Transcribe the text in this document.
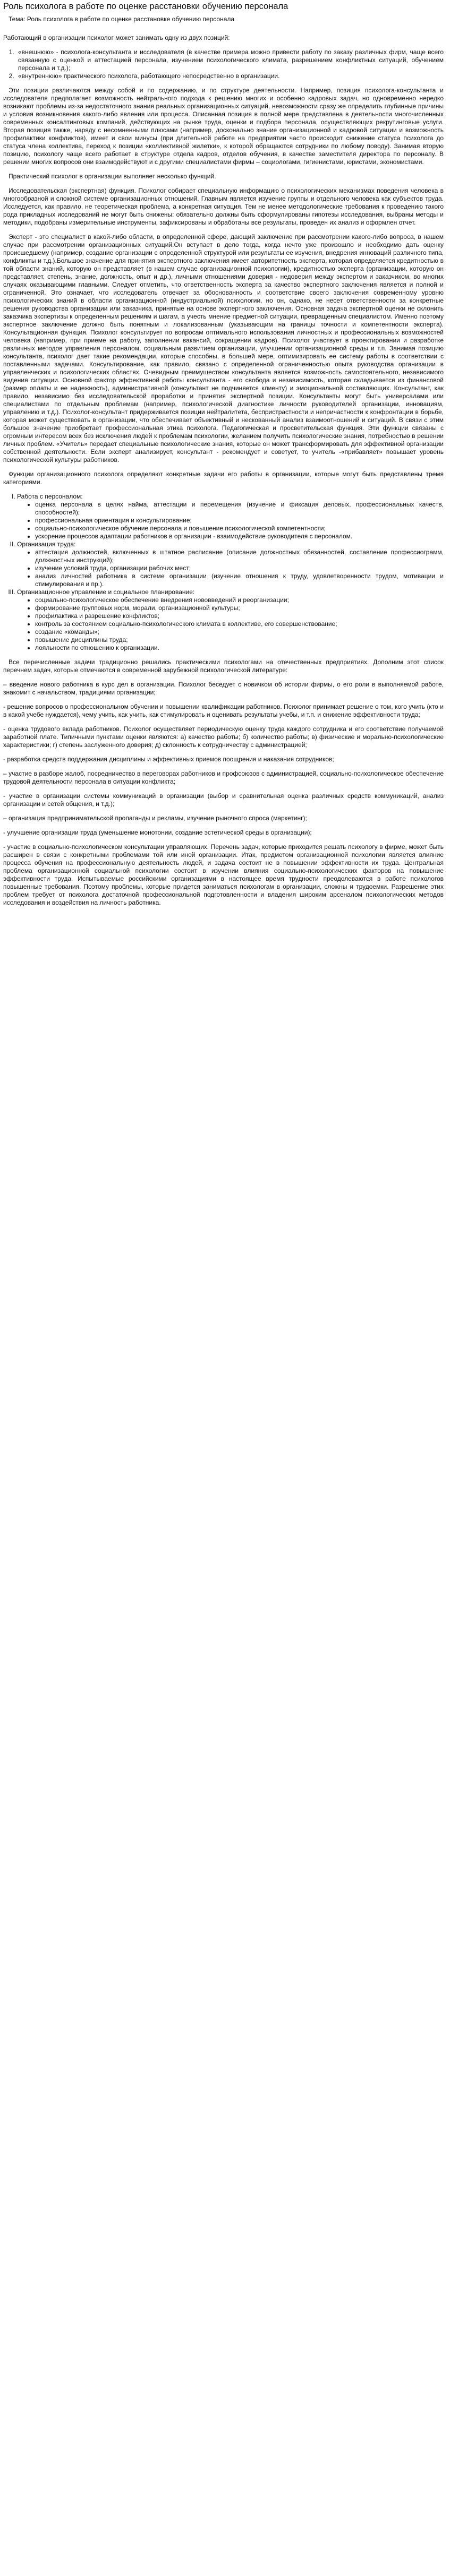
Роль психолога в работе по оценке расстановки обучению персонала
Тема: Роль психолога в работе по оценке расстановке обучению персонала

Работающий в организации психолог может занимать одну из двух позиций:

1. «внешнюю» - психолога-консультанта и исследователя (в качестве примера можно привести работу по заказу различных фирм, чаще всего связанную с оценкой и аттестацией персонала, изучением психологического климата, разрешением конфликтных ситуаций, обучением персонала и т.д.);
2. «внутреннюю» практического психолога, работающего непосредственно в организации.

Эти позиции различаются между собой и по содержанию, и по структуре деятельности. Например, позиция психолога-консультанта и исследователя предполагает возможность нейтрального подхода к решению многих и особенно кадровых задач, но одновременно нередко возникают проблемы из-за недостаточного знания реальных организационных ситуаций, невозможности сразу же определить глубинные причины и условия возникновения какого-либо явления или процесса. Описанная позиция в полной мере представлена в деятельности многочисленных современных консалтинговых компаний, действующих на рынке труда, оценки и подбора персонала, осуществляющих рекрутинговые услуги. Вторая позиция также, наряду с несомненными плюсами (например, досконально знание организационной и кадровой ситуации и возможность профилактики конфликтов), имеет и свои минусы (при длительной работе на предприятии часто происходит снижение статуса психолога до статуса члена коллектива, переход к позиции «коллективной жилетки», к которой обращаются сотрудники по любому поводу). Занимая вторую позицию, психологу чаще всего работает в структуре отдела кадров, отделов обучения, в качестве заместителя директора по персоналу. В решении многих вопросов они взаимодействуют и с другими специалистами фирмы – социологами, гигиенистами, юристами, экономистами.

Практический психолог в организации выполняет несколько функций.

Исследовательская (экспертная) функция. Психолог собирает специальную информацию о психологических механизмах поведения человека в многообразной и сложной системе организационных отношений. Главным является изучение группы и отдельного человека как субъектов труда. Исследуется, как правило, не теоретическая проблема, а конкретная ситуация. Тем не менее методологические требования к проведению такого рода прикладных исследований не могут быть снижены: обязательно должны быть сформулированы гипотезы исследования, выбраны методы и методики, подобраны измерительные инструменты, зафиксированы и обработаны все результаты, проведен их анализ и оформлен отчет.

Эксперт - это специалист в какой-либо области, в определенной сфере, дающий заключение при рассмотрении какого-либо вопроса, в нашем случае при рассмотрении организационных ситуаций.Он вступает в дело тогда, когда нечто уже произошло и необходимо дать оценку происшедшему (например, создание организации с определенной структурой или результаты ее изучения, внедрения инноваций различного типа, конфликты и т.д.).Большое значение для принятия экспертного заключения имеет авторитетность эксперта, которая определяется кредитностью в той области знаний, которую он представляет (в нашем случае организационной психологии), кредитностью эксперта (организации, которую он представляет, степень, знание, должность, опыт и др.), личными отношениями доверия - недоверия между экспертом и заказчиком, во многих случаях оказывающими главными. Следует отметить, что ответственность эксперта за качество экспертного заключения является и полной и ограниченной. Это означает, что исследователь отвечает за обоснованность и соответствие своего заключения современному уровню психологических знаний в области организационной (индустриальной) психологии, но он, однако, не несет ответственности за конкретные решения руководства организации или заказчика, принятые на основе экспертного заключения. Основная задача экспертной оценки не склонить заказчика экспертизы к определенным решениям и шагам, а учесть мнение предметной ситуации, превращенным специалистом. Именно поэтому экспертное заключение должно быть понятным и локализованным (указывающим на границы точности и компетентности эксперта). Консультационная функция. Психолог консультирует по вопросам оптимального использования личностных и профессиональных возможностей человека (например, при приеме на работу, заполнении вакансий, сокращении кадров). Психолог участвует в проектировании и разработке различных методов управления персоналом, социальным развитием организации, улучшении организационной среды и т.п. Занимая позицию консультанта, психолог дает такие рекомендации, которые способны, в большей мере, оптимизировать ее систему работы в соответствии с поставленными задачами. Консультирование, как правило, связано с определенной ограниченностью опыта руководства организации в управленческих и психологических областях. Очевидным преимуществом консультанта является возможность самостоятельного, независимого видения ситуации. Основной фактор эффективной работы консультанта - его свобода и независимость, которая складывается из финансовой (размер оплаты и ее надежность), административной (консультант не подчиняется клиенту) и эмоциональной составляющих. Консультант, как правило, независимо без исследовательской проработки и принятия экспертной позиции. Консультанты могут быть универсалами или специалистами по отдельным проблемам (например, психологической диагностике личности руководителей организации, инновациям, управлению и т.д.). Психолог-консультант придерживается позиции нейтралитета, беспристрастности и непричастности к конфронтации в борьбе, которая может существовать в организации, что обеспечивает объективный и нескованный анализ взаимоотношений и ситуаций. В связи с этим большое значение приобретает профессиональная этика психолога. Педагогическая и просветительская функция. Эти функции связаны с огромным интересом всех без исключения людей к проблемам психологии, желанием получить психологические знания, потребностью в решении личных проблем. «Учитель» передает специальные психологические знания, которые он может трансформировать для эффективной организации собственной деятельности. Если эксперт анализирует, консультант - рекомендует и советует, то учитель -«прибавляет» повышает уровень психологической культуры работников.

Функции организационного психолога определяют конкретные задачи его работы в организации, которые могут быть представлены тремя категориями.

I. Работа с персоналом:
• оценка персонала в целях найма, аттестации и перемещения (изучение и фиксация деловых, профессиональных качеств, способностей);
• профессиональная ориентация и консультирование;
• социально-психологическое обучение персонала и повышение психологической компетентности;
• ускорение процессов адаптации работников в организации - взаимодействие руководителя с персоналом.
II. Организация труда:
• аттестация должностей, включенных в штатное расписание (описание должностных обязанностей, составление профессиограмм, должностных инструкций);
• изучение условий труда, организации рабочих мест;
• анализ личностей работника в системе организации (изучение отношения к труду, удовлетворенности трудом, мотивации и стимулирования и пр.).
III. Организационное управление и социальное планирование:
• социально-психологическое обеспечение внедрения нововведений и реорганизации;
• формирование групповых норм, морали, организационной культуры;
• профилактика и разрешение конфликтов;
• контроль за состоянием социально-психологического климата в коллективе, его совершенствование;
• создание «команды»;
• повышение дисциплины труда;
• лояльности по отношению к организации.

Все перечисленные задачи традиционно решались практическими психологами на отечественных предприятиях. Дополним этот список перечнем задач, которые отмечаются в современной зарубежной психологической литературе:

– введение нового работника в курс дел в организации. Психолог беседует с новичком об истории фирмы, о его роли в выполняемой работе, знакомит с начальством, традициями организации;

- решение вопросов о профессиональном обучении и повышении квалификации работников. Психолог принимает решение о том, кого учить (кто и в какой учебе нуждается), чему учить, как учить, как стимулировать и оценивать результаты учебы, и т.п. и снижение эффективности труда;

- оценка трудового вклада работников. Психолог осуществляет периодическую оценку труда каждого сотрудника и его соответствие получаемой заработной плате. Типичными пунктами оценки являются: а) качество работы; б) количество работы; в) физические и морально-психологические характеристики; г) степень заслуженного доверия; д) склонность к сотрудничеству с администрацией;

- разработка средств поддержания дисциплины и эффективных приемов поощрения и наказания сотрудников;

– участие в разборе жалоб, посредничество в переговорах работников и профсоюзов с администрацией, социально-психологическое обеспечение трудовой деятельности персонала в ситуации конфликта;

- участие в организации системы коммуникаций в организации (выбор и сравнительная оценка различных средств коммуникаций, анализ организации и сетей общения, и т.д.);

– организация предпринимательской пропаганды и рекламы, изучение рыночного спроса (маркетинг);

- улучшение организации труда (уменьшение монотонии, создание эстетической среды в организации);

- участие в социально-психологическом консультации управляющих. Перечень задач, которые приходится решать психологу в фирме, может быть расширен в связи с конкретными проблемами той или иной организации. Итак, предметом организационной психологии является влияние процесса обучения на профессиональную деятельность людей, и задача состоит не в повышении эффективности их труда. Центральная проблема организационной социальной психологии состоит в изучении влияния социально-психологических факторов на повышение эффективности труда. Испытываемые российскими организациями в настоящее время трудности преодолеваются в работе психологов повышенные требования. Поэтому проблемы, которые придется заниматься психологам в организации, сложны и трудоемки. Разрешение этих проблем требует от психолога достаточной профессиональной подготовленности и владения широким арсеналом психологических методов исследования и воздействия на личность работника.
